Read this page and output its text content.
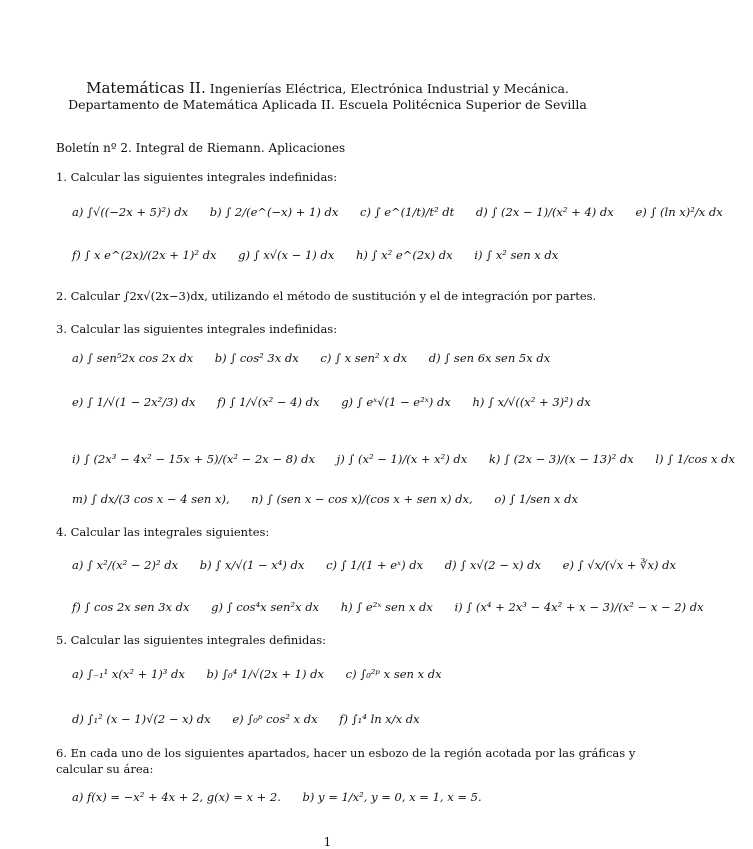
Matemáticas II. Ingenierías Eléctrica, Electrónica Industrial y Mecánica.
Departamento de Matemática Aplicada II. Escuela Politécnica Superior de Sevilla
Boletín nº 2. Integral de Riemann. Aplicaciones
1. Calcular las siguientes integrales indefinidas:
a) ∫√((−2x + 5)²) dx b) ∫ 2/(e^(−x) + 1) dx c) ∫ e^(1/t)/t² dt d) ∫ (2x − 1)/(x² + 4) dx e) ∫ (ln x)²/x dx
f) ∫ x e^(2x)/(2x + 1)² dx g) ∫ x√(x − 1) dx h) ∫ x² e^(2x) dx i) ∫ x² sen x dx
2. Calcular ∫2x√(2x−3)dx, utilizando el método de sustitución y el de integración por partes.
3. Calcular las siguientes integrales indefinidas:
a) ∫ sen⁵2x cos 2x dx b) ∫ cos² 3x dx c) ∫ x sen² x dx d) ∫ sen 6x sen 5x dx
e) ∫ 1/√(1 − 2x²/3) dx f) ∫ 1/√(x² − 4) dx g) ∫ eˣ√(1 − e²ˣ) dx h) ∫ x/√((x² + 3)²) dx
i) ∫ (2x³ − 4x² − 15x + 5)/(x² − 2x − 8) dx j) ∫ (x² − 1)/(x + x²) dx k) ∫ (2x − 3)/(x − 13)² dx l) ∫ 1/cos x dx
m) ∫ dx/(3 cos x − 4 sen x), n) ∫ (sen x − cos x)/(cos x + sen x) dx, o) ∫ 1/sen x dx
4. Calcular las integrales siguientes:
a) ∫ x²/(x² − 2)² dx b) ∫ x/√(1 − x⁴) dx c) ∫ 1/(1 + eˣ) dx d) ∫ x√(2 − x) dx e) ∫ √x/(√x + ∛x) dx
f) ∫ cos 2x sen 3x dx g) ∫ cos⁴x sen²x dx h) ∫ e²ˣ sen x dx i) ∫ (x⁴ + 2x³ − 4x² + x − 3)/(x² − x − 2) dx
5. Calcular las siguientes integrales definidas:
a) ∫₋₁¹ x(x² + 1)³ dx b) ∫₀⁴ 1/√(2x + 1) dx c) ∫₀²ᵖ x sen x dx
d) ∫₁² (x − 1)√(2 − x) dx e) ∫₀ᵖ cos² x dx f) ∫₁⁴ ln x/x dx
6. En cada uno de los siguientes apartados, hacer un esbozo de la región acotada por las gráficas y
calcular su área:
a) f(x) = −x² + 4x + 2, g(x) = x + 2. b) y = 1/x², y = 0, x = 1, x = 5.
1
